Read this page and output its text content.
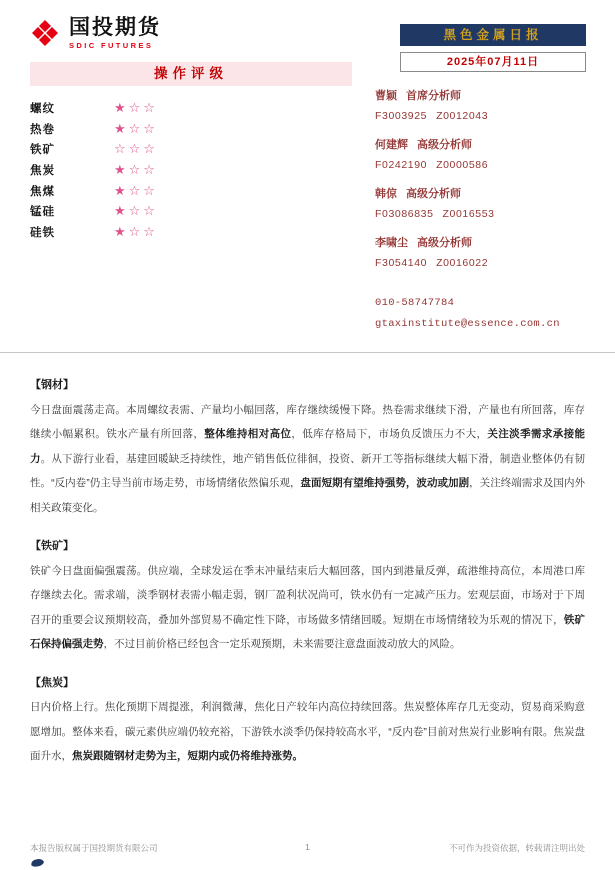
国投期货
SDIC FUTURES
黑色金属日报
2025年07月11日
操作评级
螺纹	★☆☆
热卷	★☆☆
铁矿	☆☆☆
焦炭	★☆☆
焦煤	★☆☆
锰硅	★☆☆
硅铁	★☆☆
曹颖 首席分析师
F3003925 Z0012043
何建辉 高级分析师
F0242190 Z0000586
韩倞 高级分析师
F03086835 Z0016553
李啸尘 高级分析师
F3054140 Z0016022
010-58747784
gtaxinstitute@essence.com.cn
【钢材】

今日盘面震荡走高。本周螺纹表需、产量均小幅回落，库存继续缓慢下降。热卷需求继续下滑，产量也有所回落，库存继续小幅累积。铁水产量有所回落，整体维持相对高位，低库存格局下，市场负反馈压力不大，关注淡季需求承接能力。从下游行业看，基建回暖缺乏持续性，地产销售低位徘徊，投资、新开工等指标继续大幅下滑，制造业整体仍有韧性。“反内卷”仍主导当前市场走势，市场情绪依然偏乐观，盘面短期有望维持强势，波动或加剧，关注终端需求及国内外相关政策变化。

【铁矿】

铁矿今日盘面偏强震荡。供应端，全球发运在季末冲量结束后大幅回落，国内到港量反弹，疏港维持高位，本周港口库存继续去化。需求端，淡季钢材表需小幅走弱，钢厂盈利状况尚可，铁水仍有一定减产压力。宏观层面，市场对于下周召开的重要会议预期较高，叠加外部贸易不确定性下降，市场做多情绪回暖。短期在市场情绪较为乐观的情况下，铁矿石保持偏强走势，不过目前价格已经包含一定乐观预期，未来需要注意盘面波动放大的风险。

【焦炭】

日内价格上行。焦化预期下周提涨，利润微薄，焦化日产较年内高位持续回落。焦炭整体库存几无变动，贸易商采购意愿增加。整体来看，碳元素供应端仍较充裕，下游铁水淡季仍保持较高水平，“反内卷”目前对焦炭行业影响有限。焦炭盘面升水，焦炭跟随钢材走势为主，短期内或仍将维持涨势。

本报告版权属于国投期货有限公司	1	不可作为投资依据，转载请注明出处
